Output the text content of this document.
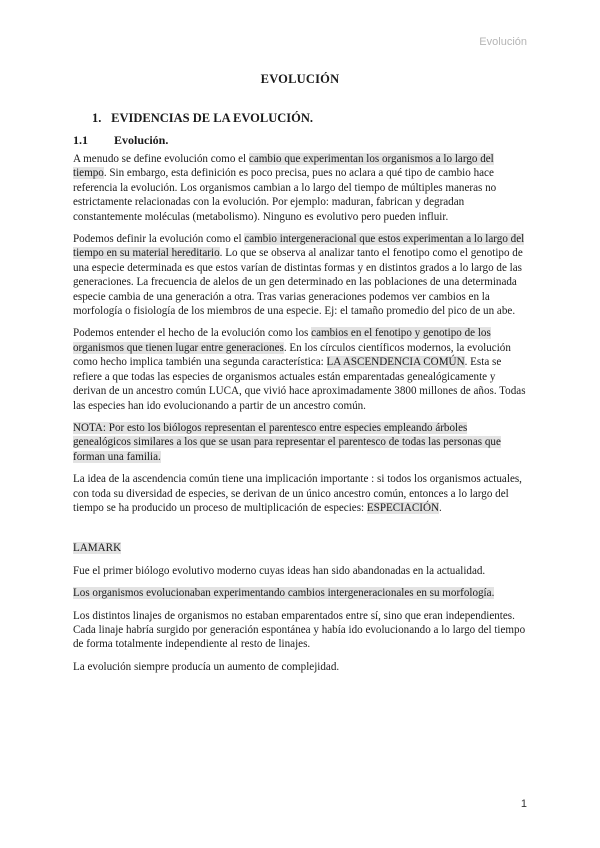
Evolución
EVOLUCIÓN
1. EVIDENCIAS DE LA EVOLUCIÓN.
1.1 Evolución.

A menudo se define evolución como el cambio que experimentan los organismos a lo largo del tiempo. Sin embargo, esta definición es poco precisa, pues no aclara a qué tipo de cambio hace referencia la evolución. Los organismos cambian a lo largo del tiempo de múltiples maneras no estrictamente relacionadas con la evolución. Por ejemplo: maduran, fabrican y degradan constantemente moléculas (metabolismo). Ninguno es evolutivo pero pueden influir.

Podemos definir la evolución como el cambio intergeneracional que estos experimentan a lo largo del tiempo en su material hereditario. Lo que se observa al analizar tanto el fenotipo como el genotipo de una especie determinada es que estos varían de distintas formas y en distintos grados a lo largo de las generaciones. La frecuencia de alelos de un gen determinado en las poblaciones de una determinada especie cambia de una generación a otra. Tras varias generaciones podemos ver cambios en la morfología o fisiología de los miembros de una especie. Ej: el tamaño promedio del pico de un abe.

Podemos entender el hecho de la evolución como los cambios en el fenotipo y genotipo de los organismos que tienen lugar entre generaciones. En los círculos científicos modernos, la evolución como hecho implica también una segunda característica: LA ASCENDENCIA COMÚN. Esta se refiere a que todas las especies de organismos actuales están emparentadas genealógicamente y derivan de un ancestro común LUCA, que vivió hace aproximadamente 3800 millones de años. Todas las especies han ido evolucionando a partir de un ancestro común.

NOTA: Por esto los biólogos representan el parentesco entre especies empleando árboles genealógicos similares a los que se usan para representar el parentesco de todas las personas que forman una familia.

La idea de la ascendencia común tiene una implicación importante : si todos los organismos actuales, con toda su diversidad de especies, se derivan de un único ancestro común, entonces a lo largo del tiempo se ha producido un proceso de multiplicación de especies: ESPECIACIÓN.

LAMARK

Fue el primer biólogo evolutivo moderno cuyas ideas han sido abandonadas en la actualidad.

Los organismos evolucionaban experimentando cambios intergeneracionales en su morfología.

Los distintos linajes de organismos no estaban emparentados entre sí, sino que eran independientes. Cada linaje habría surgido por generación espontánea y había ido evolucionando a lo largo del tiempo de forma totalmente independiente al resto de linajes.

La evolución siempre producía un aumento de complejidad.

1
